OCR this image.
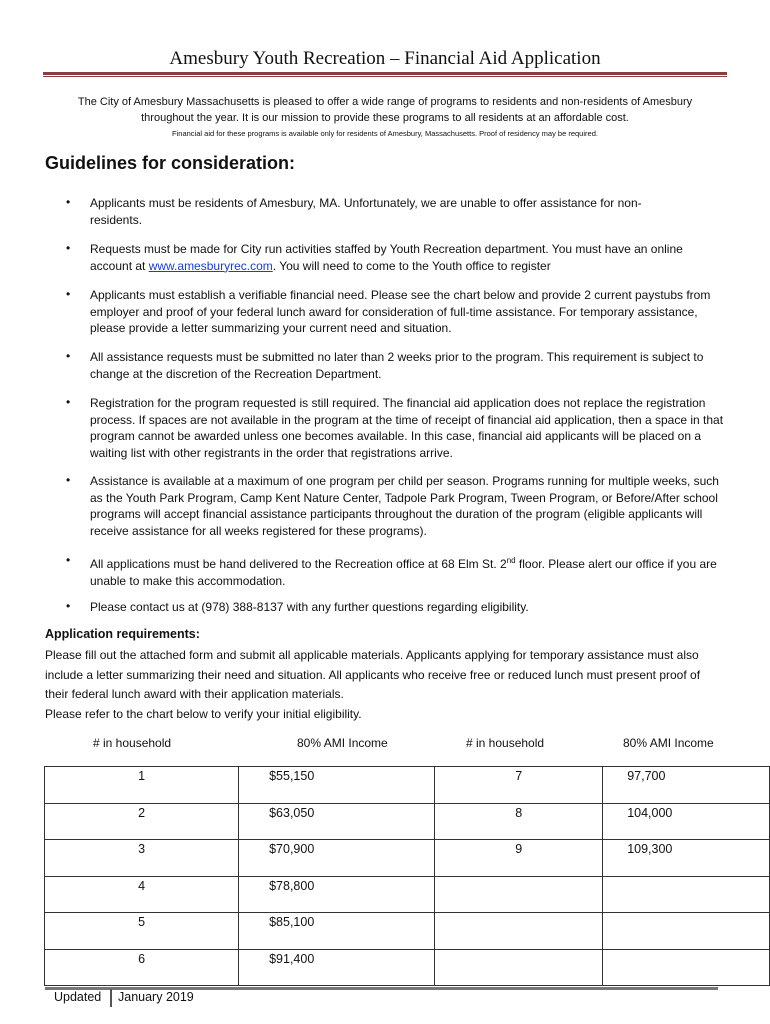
Amesbury Youth Recreation – Financial Aid Application
The City of Amesbury Massachusetts is pleased to offer a wide range of programs to residents and non-residents of Amesbury
throughout the year. It is our mission to provide these programs to all residents at an affordable cost.
Financial aid for these programs is available only for residents of Amesbury, Massachusetts. Proof of residency may be required.
Guidelines for consideration:
• Applicants must be residents of Amesbury, MA. Unfortunately, we are unable to offer assistance for non-residents.
• Requests must be made for City run activities staffed by Youth Recreation department. You must have an online
account at www.amesburyrec.com. You will need to come to the Youth office to register
• Applicants must establish a verifiable financial need. Please see the chart below and provide 2 current paystubs from employer and proof of your federal lunch award for consideration of full-time assistance. For temporary assistance, please provide a letter summarizing your current need and situation.
• All assistance requests must be submitted no later than 2 weeks prior to the program. This requirement is subject to change at the discretion of the Recreation Department.
• Registration for the program requested is still required. The financial aid application does not replace the registration process. If spaces are not available in the program at the time of receipt of financial aid application, then a space in that program cannot be awarded unless one becomes available. In this case, financial aid applicants will be placed on a waiting list with other registrants in the order that registrations arrive.
• Assistance is available at a maximum of one program per child per season. Programs running for multiple weeks, such as the Youth Park Program, Camp Kent Nature Center, Tadpole Park Program, Tween Program, or Before/After school programs will accept financial assistance participants throughout the duration of the program (eligible applicants will receive assistance for all weeks registered for these programs).
• All applications must be hand delivered to the Recreation office at 68 Elm St. 2nd floor. Please alert our office if you are unable to make this accommodation.
• Please contact us at (978) 388-8137 with any further questions regarding eligibility.
Application requirements:
Please fill out the attached form and submit all applicable materials. Applicants applying for temporary assistance must also include a letter summarizing their need and situation. All applicants who receive free or reduced lunch must present proof of their federal lunch award with their application materials.
Please refer to the chart below to verify your initial eligibility.
# in household	80% AMI Income	# in household	80% AMI Income
1	$55,150	7	97,700
2	$63,050	8	104,000
3	$70,900	9	109,300
4	$78,800		
5	$85,100		
6	$91,400		
Updated January 2019
